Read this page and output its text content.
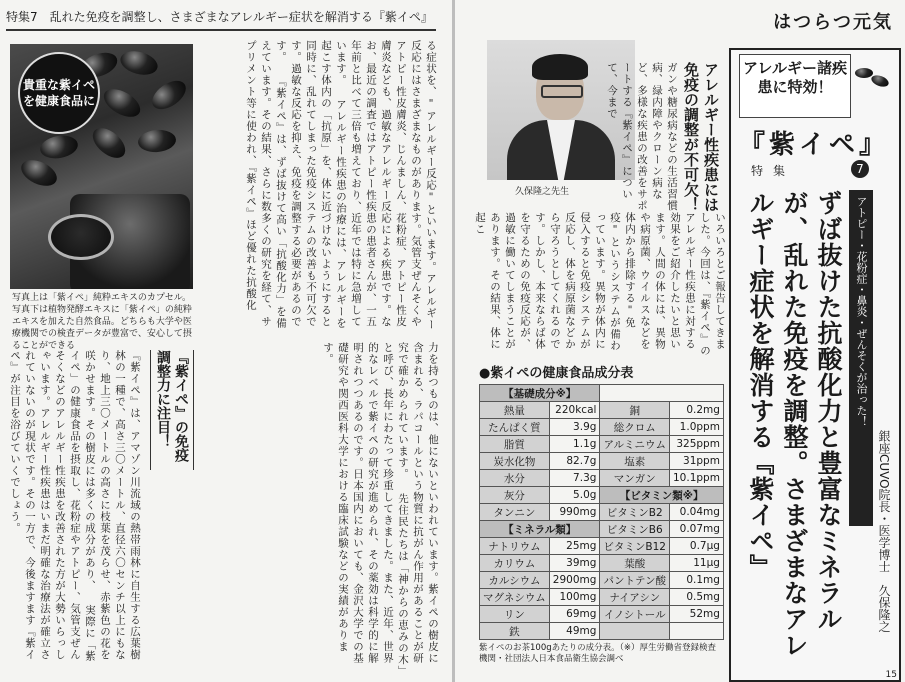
特集7　乱れた免疫を調整し、さまざまなアレルギー症状を解消する『紫イペ』
貴重な紫イペを健康食品に
写真上は「紫イペ」純粋エキスのカプセル。写真下は植物発酵エキスに「紫イペ」の純粋エキスを加えた自然食品。どちらも大学や医療機関での検査データが豊富で、安心して摂ることができる
る症状を、"アレルギー反応"といいます。アレルギー反応にはさまざまなものがあります。気管支ぜんそくやアトピー性皮膚炎、じんましん、花粉症、アトピー性皮膚炎なども、過敏なアレルギー反応による疾患です。なお、最近の調査ではアトピー性疾患の患者さんが、一五年前と比べて三倍も増えており、近年では特に急増しています。 アレルギー性疾患の治療には、アレルギーを起こす体内の「抗原」を、体に近づけないようにすると同時に、乱れてしまった免疫システムの改善も不可欠です。過敏な反応を抑え、免疫を調整する必要があるのです。 『紫イペ』は、ずば抜けて高い「抗酸化力」を備えています。その結果、さらに数多くの研究を経て、サプリメント等に使われ、『紫イペ』ほど優れた抗酸化
力を持つものは、他にないといわれています。紫イペの樹皮に含まれる、ラパコールという物質に抗がん作用があることが研究で確かめられています。 先住民たちは「神からの恵みの木」と呼び、長年にわたって珍重してきました。また、近年、世界的なレベルで紫イペの研究が進められ、その薬効は科学的に解明されつつあるのです。日本国内においても、金沢大学での基礎研究や関西医科大学における臨床試験などの実績があります。
『紫イペ』の免疫調整力に注目！
『紫イペ』は、アマゾン川流域の熱帯雨林に自生する広葉樹林の一種で、高さ三〇メートル、直径六〇センチ以上にもなり、地上三〇メートルの高さに枝葉を茂らせ、赤紫色の花を咲かせます。その樹皮には多くの成分があり、 実際に「紫イペ」の健康食品を摂取し、花粉症やアトピー、気管支ぜんそくなどのアレルギー性疾患を改善された方が大勢いらっしゃいます。アレルギー性疾患はいまだ明確な治療法が確立されていないのが現状です。その一方で、今後ますます『紫イペ』が注目を浴びていくでしょう。
はつらつ元気
久保隆之先生	アレルギー性疾患には免疫の調整が不可欠！
ガンや糖尿病などの生活習慣病、緑内障やクローン病など、多様な疾患の改善をサポートする『紫イペ』について、今まで
いろいろとご報告してきました。今回は、『紫イペ』のアレルギー性疾患に対する効果をご紹介したいと思います。人間の体には、異物や病原菌、ウイルスなどを体内から排除する"免疫"というシステムが備わっています。異物が体内に侵入すると免疫システムが反応し、体を病原菌などから守ろうとしてくれるのです。しかし、本来ならば体を守るための免疫反応が、過敏に働いてしまうことがあります。その結果、体に起こ
●紫イペの健康食品成分表
【基礎成分※】			
熱量	220kcal	銅	0.2mg
たんぱく質	3.9g	総クロム	1.0ppm
脂質	1.1g	アルミニウム	325ppm
炭水化物	82.7g	塩素	31ppm
水分	7.3g	マンガン	10.1ppm
灰分	5.0g	【ビタミン類※】	
タンニン	990mg	ビタミンB2	0.04mg
【ミネラル類】		ビタミンB6	0.07mg
ナトリウム	25mg	ビタミンB12	0.7μg
カリウム	39mg	葉酸	11μg
カルシウム	2900mg	パントテン酸	0.1mg
マグネシウム	100mg	ナイアシン	0.5mg
リン	69mg	イノシトール	52mg
鉄	49mg		
紫イペのお茶100gあたりの成分表。（※）厚生労働省登録検査機関・社団法人日本食品衛生協会調べ
アレルギー諸疾患に特効！
『紫イペ』
特集	7
アトピー・花粉症・鼻炎・ぜんそくが治った！
ずば抜けた抗酸化力と豊富なミネラルが、乱れた免疫を調整。さまざまなアレルギー症状を解消する『紫イペ』	銀座CUVO院長・医学博士　久保隆之
15
